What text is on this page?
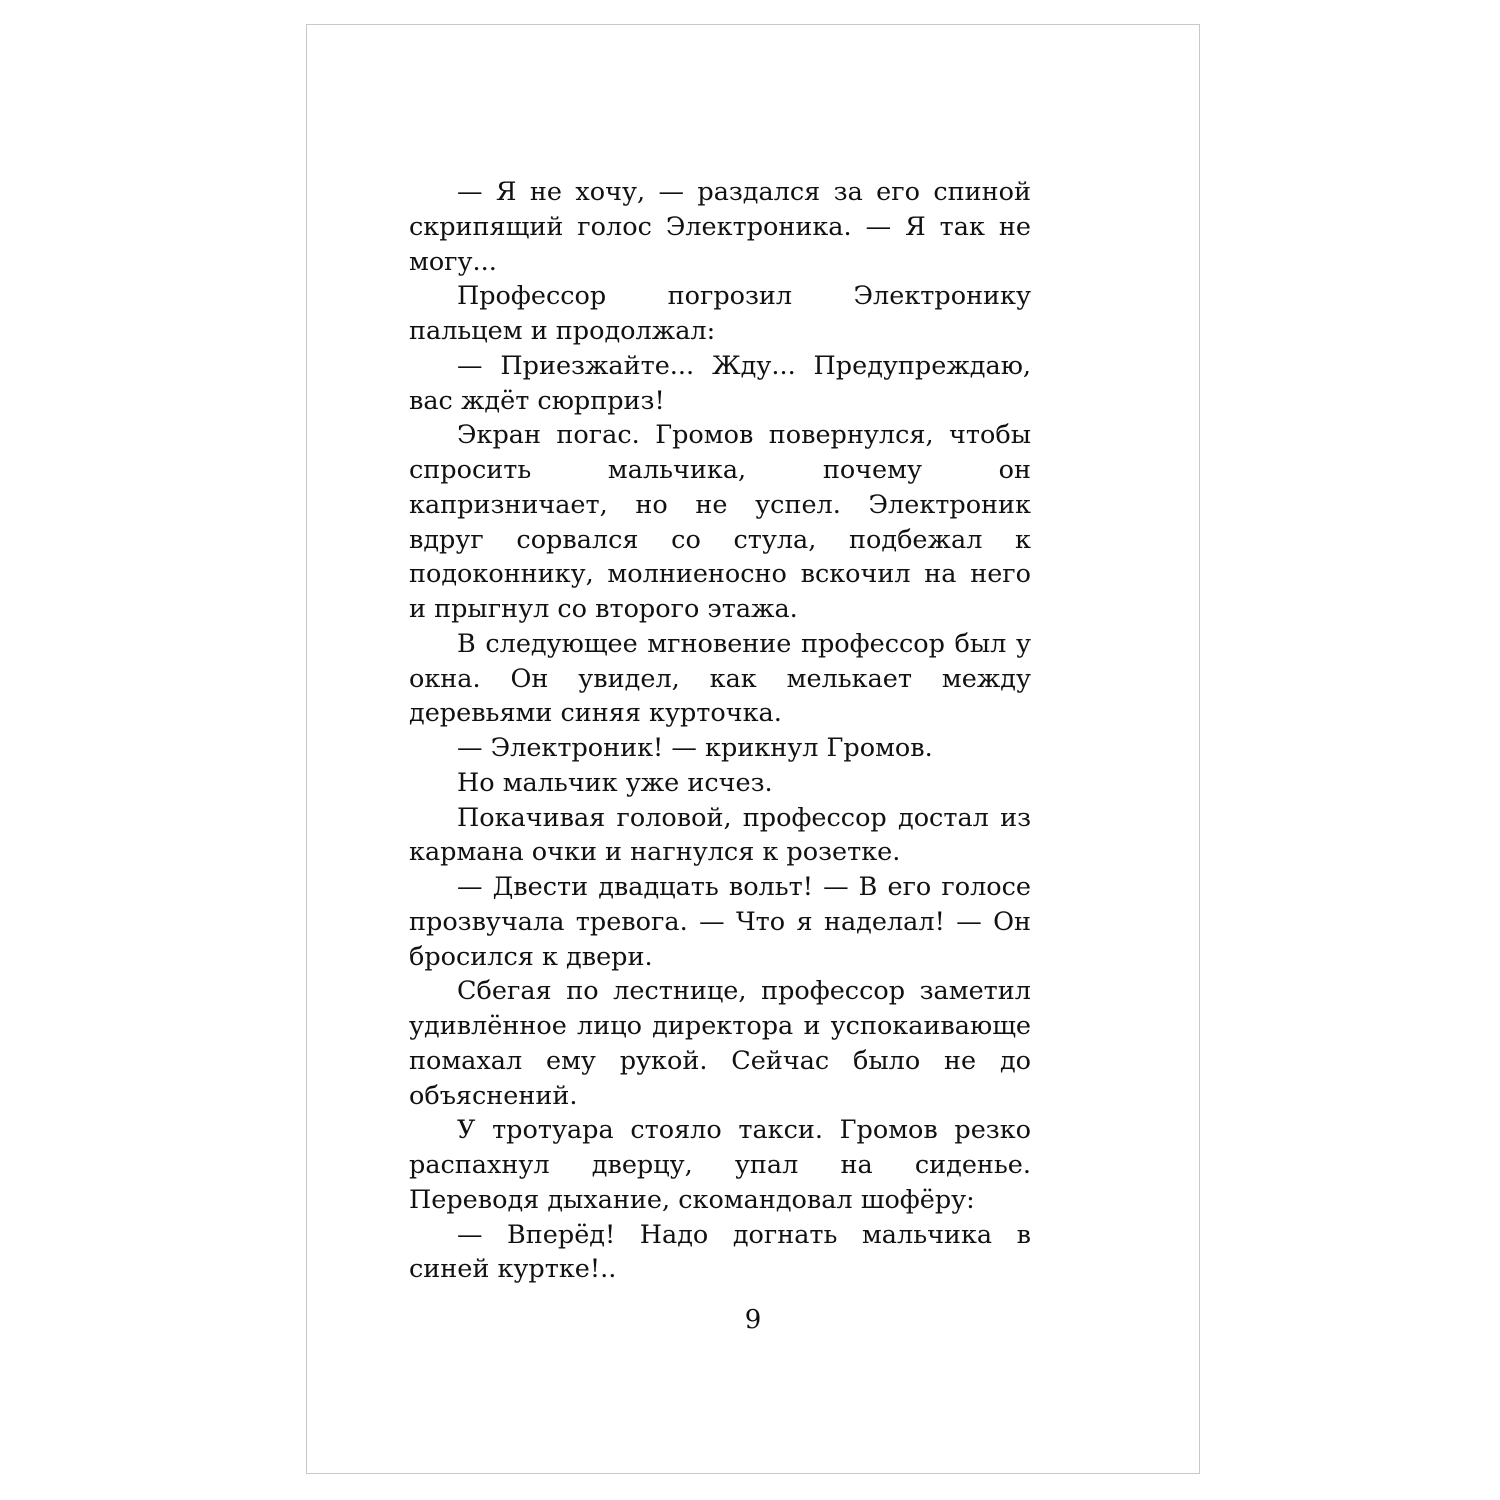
— Я не хочу, — раздался за его спиной скрипящий голос Электроника. — Я так не могу...

Профессор погрозил Электронику пальцем и продолжал:

— Приезжайте... Жду... Предупреждаю, вас ждёт сюрприз!

Экран погас. Громов повернулся, чтобы спросить мальчика, почему он капризничает, но не успел. Электроник вдруг сорвался со стула, подбежал к подоконнику, молниеносно вскочил на него и прыгнул со второго этажа.

В следующее мгновение профессор был у окна. Он увидел, как мелькает между деревьями синяя курточка.

— Электроник! — крикнул Громов.

Но мальчик уже исчез.

Покачивая головой, профессор достал из кармана очки и нагнулся к розетке.

— Двести двадцать вольт! — В его голосе прозвучала тревога. — Что я наделал! — Он бросился к двери.

Сбегая по лестнице, профессор заметил удивлённое лицо директора и успокаивающе помахал ему рукой. Сейчас было не до объяснений.

У тротуара стояло такси. Громов резко распахнул дверцу, упал на сиденье. Переводя дыхание, скомандовал шофёру:

— Вперёд! Надо догнать мальчика в синей куртке!..

9
